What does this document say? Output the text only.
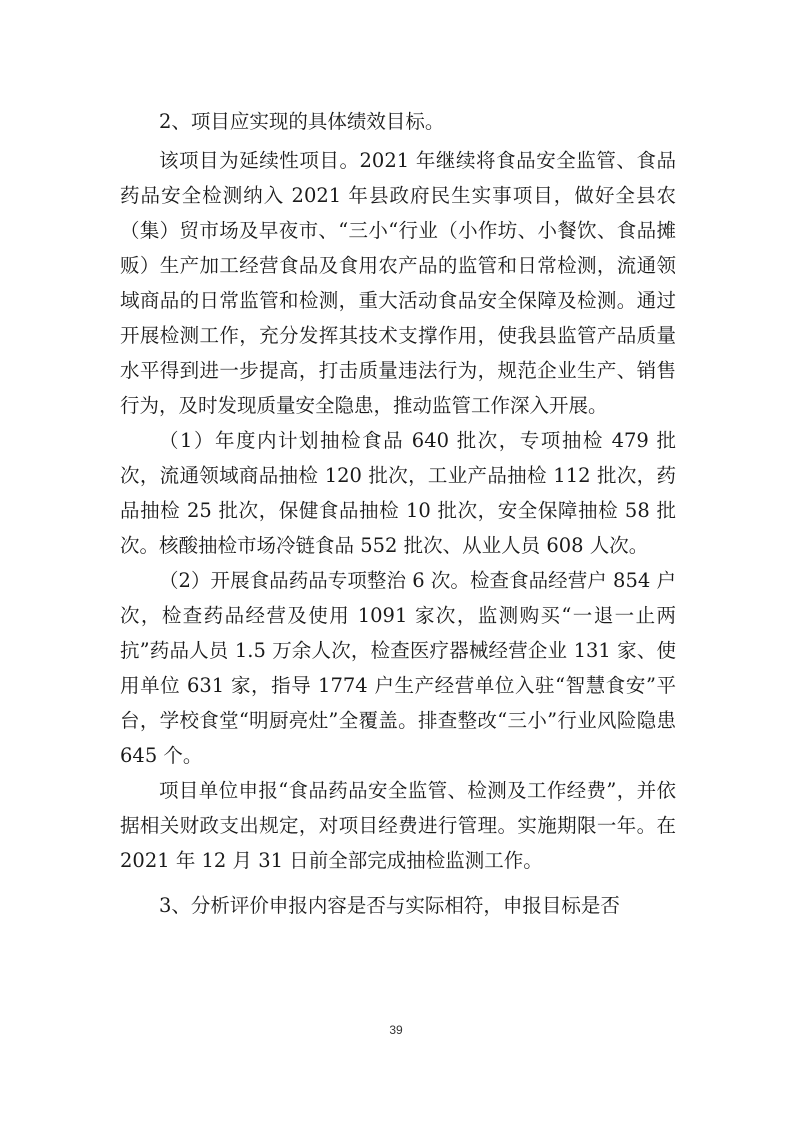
2、项目应实现的具体绩效目标。

该项目为延续性项目。2021 年继续将食品安全监管、食品药品安全检测纳入 2021 年县政府民生实事项目，做好全县农（集）贸市场及早夜市、“三小“行业（小作坊、小餐饮、食品摊贩）生产加工经营食品及食用农产品的监管和日常检测，流通领域商品的日常监管和检测，重大活动食品安全保障及检测。通过开展检测工作，充分发挥其技术支撑作用，使我县监管产品质量水平得到进一步提高，打击质量违法行为，规范企业生产、销售行为，及时发现质量安全隐患，推动监管工作深入开展。

（1）年度内计划抽检食品 640 批次，专项抽检 479 批次，流通领域商品抽检 120 批次，工业产品抽检 112 批次，药品抽检 25 批次，保健食品抽检 10 批次，安全保障抽检 58 批次。核酸抽检市场冷链食品 552 批次、从业人员 608 人次。

（2）开展食品药品专项整治 6 次。检查食品经营户 854 户次，检查药品经营及使用 1091 家次，监测购买“一退一止两抗”药品人员 1.5 万余人次，检查医疗器械经营企业 131 家、使用单位 631 家，指导 1774 户生产经营单位入驻“智慧食安”平台，学校食堂“明厨亮灶”全覆盖。排查整改“三小”行业风险隐患 645 个。

项目单位申报“食品药品安全监管、检测及工作经费”，并依据相关财政支出规定，对项目经费进行管理。实施期限一年。在 2021 年 12 月 31 日前全部完成抽检监测工作。

3、分析评价申报内容是否与实际相符，申报目标是否

39
